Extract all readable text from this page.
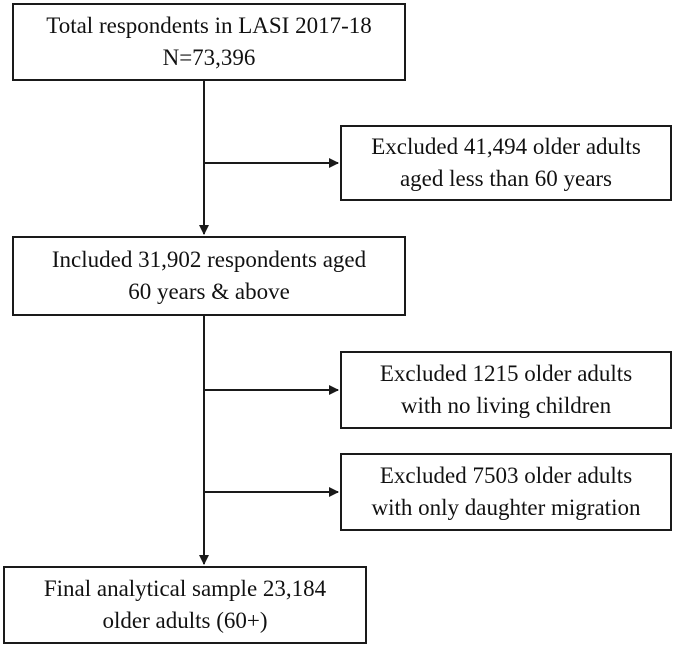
Total respondents in LASI 2017-18
N=73,396
Excluded 41,494 older adults
aged less than 60 years
Included 31,902 respondents aged
60 years & above
Excluded 1215 older adults
with no living children
Excluded 7503 older adults
with only daughter migration
Final analytical sample 23,184
older adults (60+)
